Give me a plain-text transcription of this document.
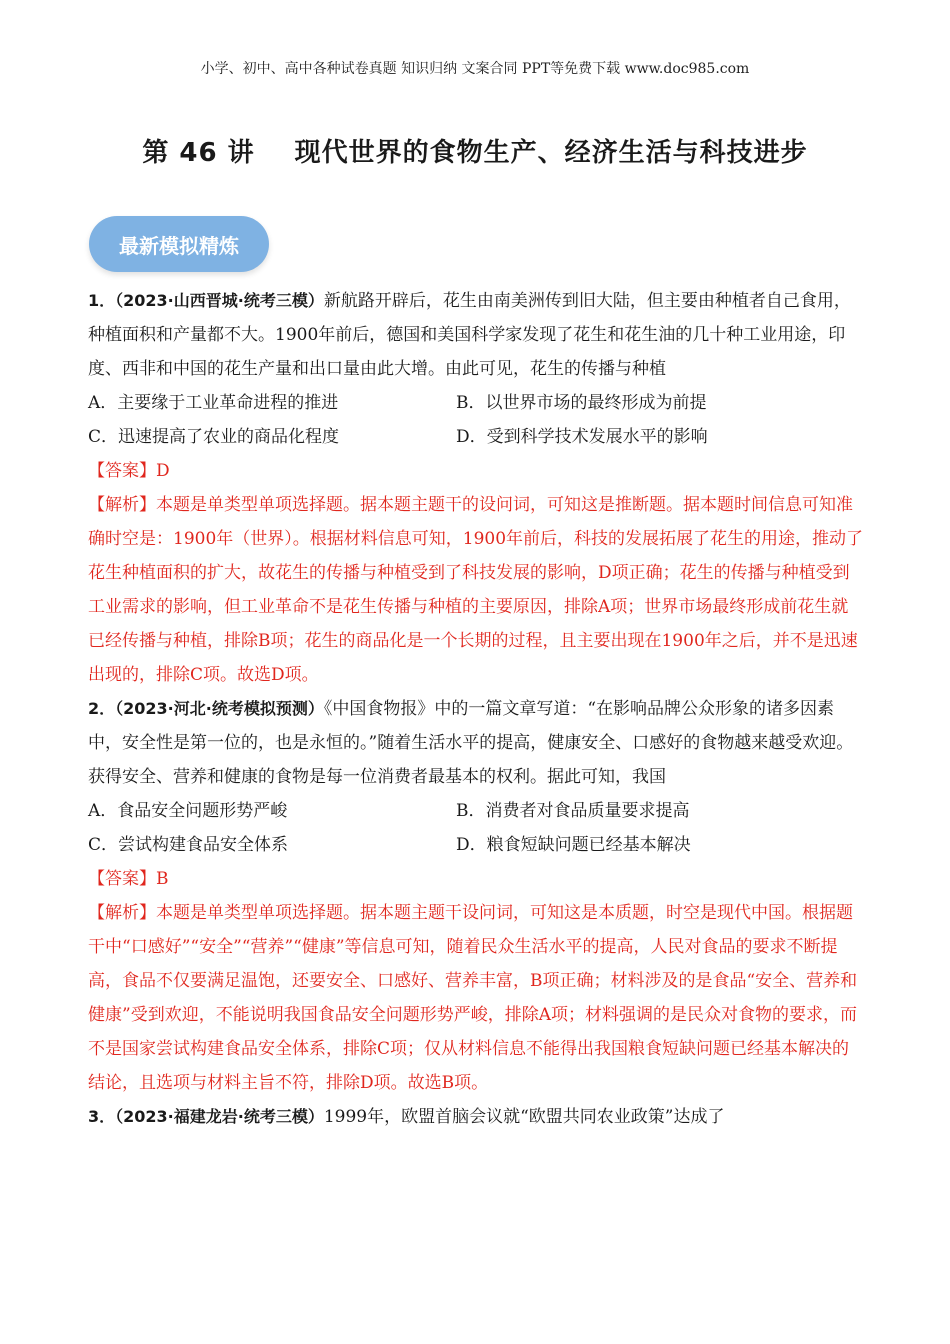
小学、初中、高中各种试卷真题 知识归纳 文案合同 PPT等免费下载 www.doc985.com
第 46 讲 现代世界的食物生产、经济生活与科技进步
最新模拟精炼

1．（2023·山西晋城·统考三模）新航路开辟后，花生由南美洲传到旧大陆，但主要由种植者自己食用，种植面积和产量都不大。1900年前后，德国和美国科学家发现了花生和花生油的几十种工业用途，印度、西非和中国的花生产量和出口量由此大增。由此可见，花生的传播与种植

A．主要缘于工业革命进程的推进	B．以世界市场的最终形成为前提
C．迅速提高了农业的商品化程度	D．受到科学技术发展水平的影响

【答案】D

【解析】本题是单类型单项选择题。据本题主题干的设问词，可知这是推断题。据本题时间信息可知准确时空是：1900年（世界）。根据材料信息可知，1900年前后，科技的发展拓展了花生的用途，推动了花生种植面积的扩大，故花生的传播与种植受到了科技发展的影响，D项正确；花生的传播与种植受到工业需求的影响，但工业革命不是花生传播与种植的主要原因，排除A项；世界市场最终形成前花生就已经传播与种植，排除B项；花生的商品化是一个长期的过程，且主要出现在1900年之后，并不是迅速出现的，排除C项。故选D项。

2．（2023·河北·统考模拟预测）《中国食物报》中的一篇文章写道：“在影响品牌公众形象的诸多因素中，安全性是第一位的，也是永恒的。”随着生活水平的提高，健康安全、口感好的食物越来越受欢迎。获得安全、营养和健康的食物是每一位消费者最基本的权利。据此可知，我国

A．食品安全问题形势严峻	B．消费者对食品质量要求提高
C．尝试构建食品安全体系	D．粮食短缺问题已经基本解决

【答案】B

【解析】本题是单类型单项选择题。据本题主题干设问词，可知这是本质题，时空是现代中国。根据题干中“口感好”“安全”“营养”“健康”等信息可知，随着民众生活水平的提高，人民对食品的要求不断提高，食品不仅要满足温饱，还要安全、口感好、营养丰富，B项正确；材料涉及的是食品“安全、营养和健康”受到欢迎，不能说明我国食品安全问题形势严峻，排除A项；材料强调的是民众对食物的要求，而不是国家尝试构建食品安全体系，排除C项；仅从材料信息不能得出我国粮食短缺问题已经基本解决的结论，且选项与材料主旨不符，排除D项。故选B项。

3．（2023·福建龙岩·统考三模）1999年，欧盟首脑会议就“欧盟共同农业政策”达成了
